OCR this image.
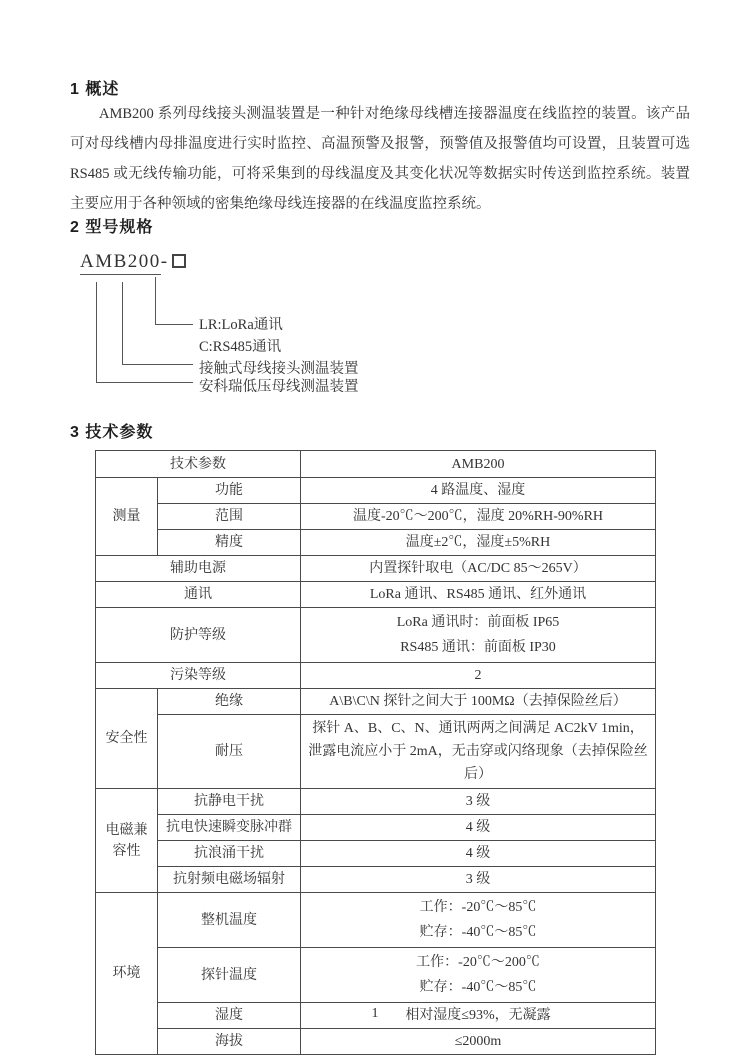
1 概述

AMB200 系列母线接头测温装置是一种针对绝缘母线槽连接器温度在线监控的装置。该产品可对母线槽内母排温度进行实时监控、高温预警及报警，预警值及报警值均可设置，且装置可选 RS485 或无线传输功能，可将采集到的母线温度及其变化状况等数据实时传送到监控系统。装置主要应用于各种领域的密集绝缘母线连接器的在线温度监控系统。

2 型号规格
AMB200-
LR:LoRa通讯
C:RS485通讯
接触式母线接头测温装置
安科瑞低压母线测温装置
3 技术参数
技术参数		AMB200
测量	功能	4 路温度、湿度
	范围	温度-20℃～200℃，湿度 20%RH-90%RH
	精度	温度±2℃，湿度±5%RH
辅助电源		内置探针取电（AC/DC 85～265V）
通讯		LoRa 通讯、RS485 通讯、红外通讯
防护等级		LoRa 通讯时：前面板 IP65
RS485 通讯：前面板 IP30

污染等级		2
安全性	绝缘	A\B\C\N 探针之间大于 100MΩ（去掉保险丝后）
	耐压	探针 A、B、C、N、通讯两两之间满足 AC2kV 1min，泄露电流应小于 2mA，无击穿或闪络现象（去掉保险丝后）
电磁兼容性	抗静电干扰	3 级
	抗电快速瞬变脉冲群	4 级
	抗浪涌干扰	4 级
	抗射频电磁场辐射	3 级
环境	整机温度	工作：-20℃～85℃
贮存：-40℃～85℃

	探针温度	工作：-20℃～200℃
贮存：-40℃～85℃

	湿度	相对湿度≤93%，无凝露
	海拔	≤2000m
1
